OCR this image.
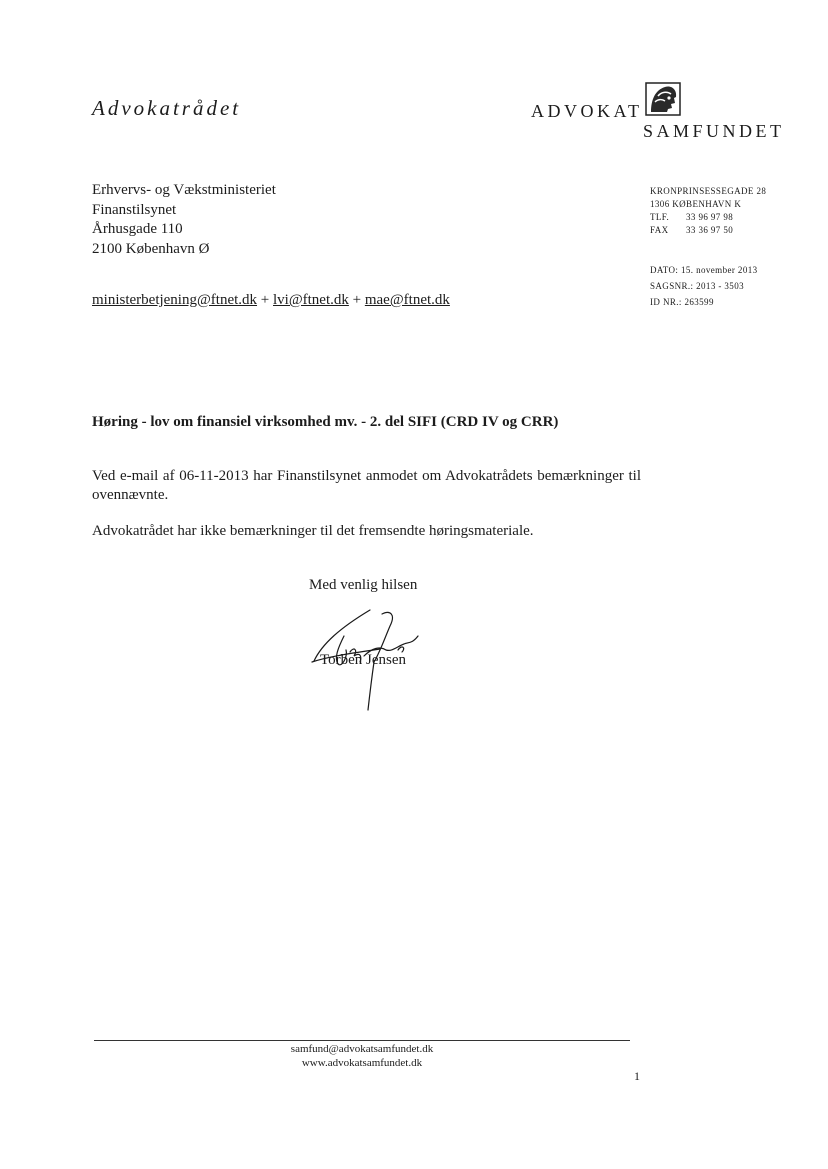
Advokatrådet	ADVOKAT
SAMFUNDET
Erhvervs- og Vækstministeriet
Finanstilsynet
Århusgade 110
2100 København Ø
ministerbetjening@ftnet.dk + lvi@ftnet.dk + mae@ftnet.dk
KRONPRINSESSEGADE 28
1306 KØBENHAVN K
TLF. 33 96 97 98
FAX 33 36 97 50
DATO: 15. november 2013
SAGSNR.: 2013 - 3503
ID NR.: 263599
Høring - lov om finansiel virksomhed mv. - 2. del SIFI (CRD IV og CRR)
Ved e-mail af 06-11-2013 har Finanstilsynet anmodet om Advokatrådets bemærkninger til ovennævnte.
Advokatrådet har ikke bemærkninger til det fremsendte høringsmateriale.
Med venlig hilsen
Torben Jensen
samfund@advokatsamfundet.dk
www.advokatsamfundet.dk
1
